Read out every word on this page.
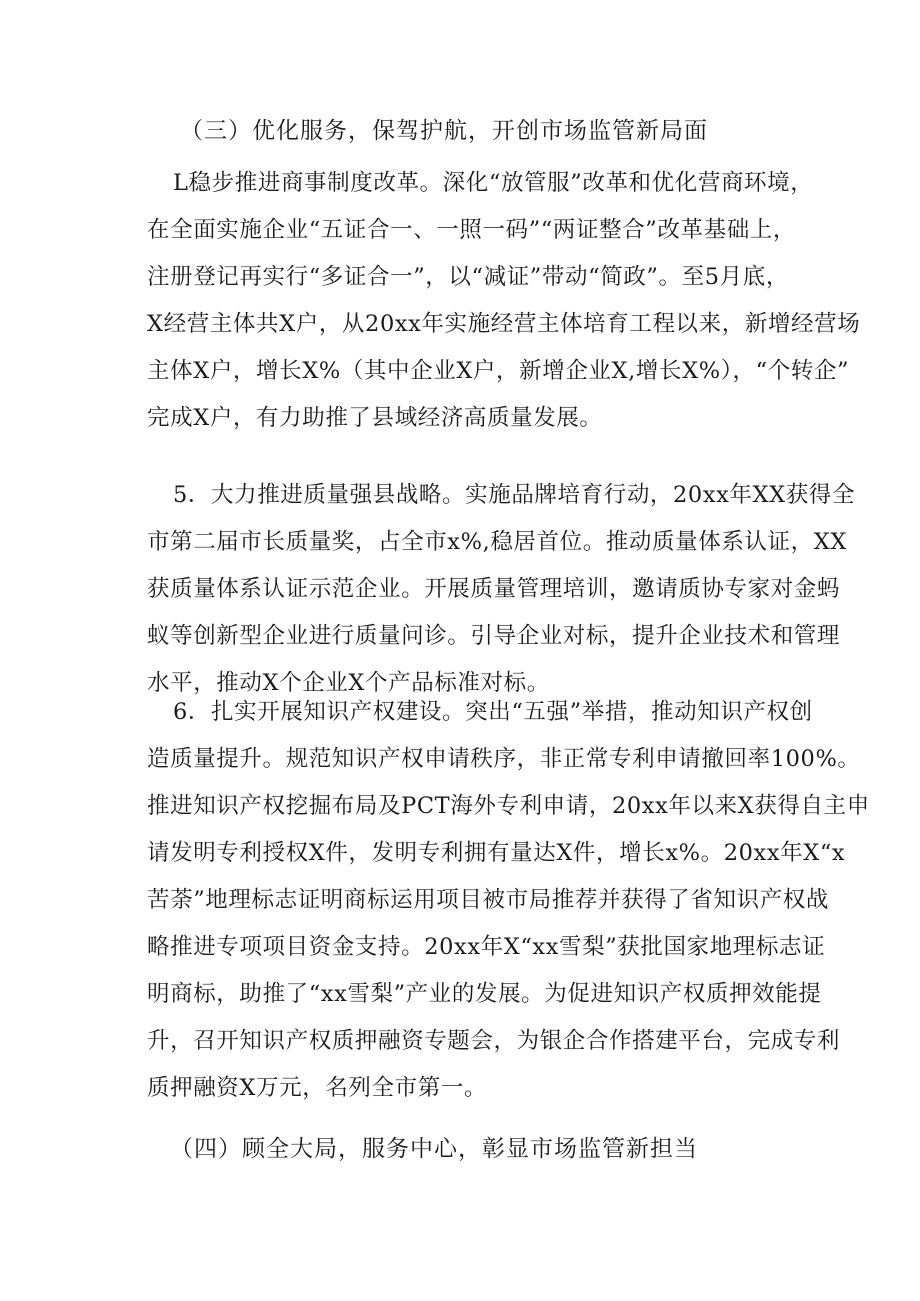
（三）优化服务，保驾护航，开创市场监管新局面
L稳步推进商事制度改革。深化“放管服”改革和优化营商环境，
在全面实施企业“五证合一、一照一码”“两证整合”改革基础上，
注册登记再实行“多证合一”，以“减证”带动“简政”。至5月底，
X经营主体共X户，从20xx年实施经营主体培育工程以来，新增经营场
主体X户，增长X%（其中企业X户，新增企业X,增长X%），“个转企”
完成X户，有力助推了县域经济高质量发展。
5．大力推进质量强县战略。实施品牌培育行动，20xx年XX获得全
市第二届市长质量奖，占全市x%,稳居首位。推动质量体系认证，XX
获质量体系认证示范企业。开展质量管理培训，邀请质协专家对金蚂
蚁等创新型企业进行质量问诊。引导企业对标，提升企业技术和管理
水平，推动X个企业X个产品标准对标。
6．扎实开展知识产权建设。突出“五强”举措，推动知识产权创
造质量提升。规范知识产权申请秩序，非正常专利申请撤回率100%。
推进知识产权挖掘布局及PCT海外专利申请，20xx年以来X获得自主申
请发明专利授权X件，发明专利拥有量达X件，增长x%。20xx年X“x
苦荼”地理标志证明商标运用项目被市局推荐并获得了省知识产权战
略推进专项项目资金支持。20xx年X“xx雪梨”获批国家地理标志证
明商标，助推了“xx雪梨”产业的发展。为促进知识产权质押效能提
升，召开知识产权质押融资专题会，为银企合作搭建平台，完成专利
质押融资X万元，名列全市第一。
（四）顾全大局，服务中心，彰显市场监管新担当
